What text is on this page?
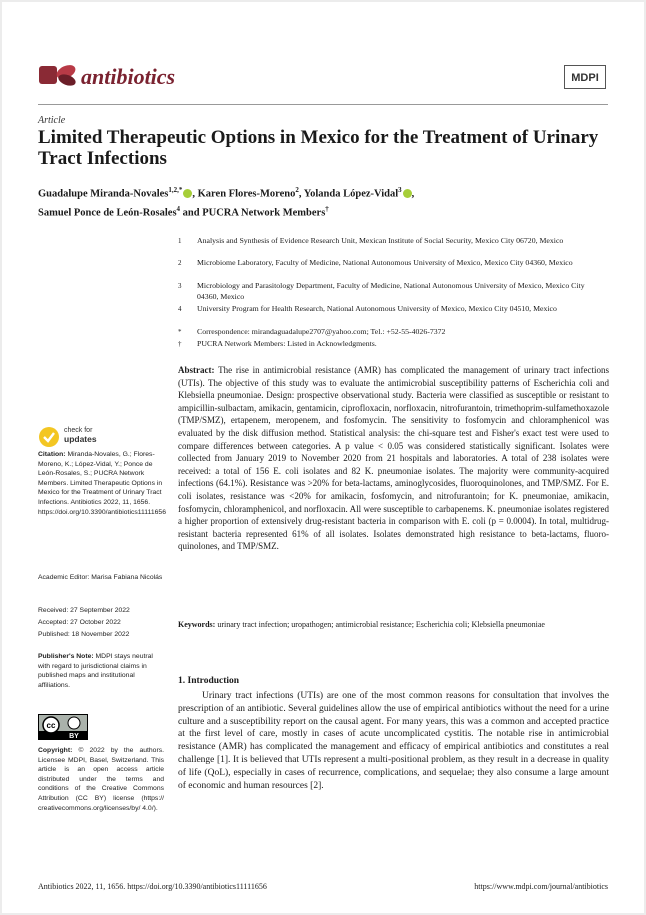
antibiotics	MDPI
Article
Limited Therapeutic Options in Mexico for the Treatment of Urinary Tract Infections
Guadalupe Miranda-Novales$^{1,2,*}$ , Karen Flores-Moreno$^2$, Yolanda López-Vidal$^3$ ,
Samuel Ponce de León-Rosales$^4$ and PUCRA Network Members†
1 Analysis and Synthesis of Evidence Research Unit, Mexican Institute of Social Security, Mexico City 06720, Mexico
2 Microbiome Laboratory, Faculty of Medicine, National Autonomous University of Mexico, Mexico City 04360, Mexico
3 Microbiology and Parasitology Department, Faculty of Medicine, National Autonomous University of Mexico, Mexico City 04360, Mexico
4 University Program for Health Research, National Autonomous University of Mexico, Mexico City 04510, Mexico
* Correspondence: mirandaguadalupe2707@yahoo.com; Tel.: +52-55-4026-7372
† PUCRA Network Members: Listed in Acknowledgments.
Abstract: The rise in antimicrobial resistance (AMR) has complicated the management of urinary tract infections (UTIs). The objective of this study was to evaluate the antimicrobial susceptibility patterns of Escherichia coli and Klebsiella pneumoniae. Design: prospective observational study. Bacteria were classified as susceptible or resistant to ampicillin-sulbactam, amikacin, gentamicin, ciprofloxacin, norfloxacin, nitrofurantoin, trimethoprim-sulfamethoxazole (TMP/SMZ), ertapenem, meropenem, and fosfomycin. The sensitivity to fosfomycin and chloramphenicol was evaluated by the disk diffusion method. Statistical analysis: the chi-square test and Fisher's exact test were used to compare differences between categories. A p value < 0.05 was considered statistically significant. Isolates were collected from January 2019 to November 2020 from 21 hospitals and laboratories. A total of 238 isolates were received: a total of 156 E. coli isolates and 82 K. pneumoniae isolates. The majority were community-acquired infections (64.1%). Resistance was >20% for beta-lactams, aminoglycosides, fluoroquinolones, and TMP/SMZ. For E. coli isolates, resistance was <20% for amikacin, fosfomycin, and nitrofurantoin; for K. pneumoniae, amikacin, fosfomycin, chloramphenicol, and norfloxacin. All were susceptible to carbapenems. K. pneumoniae isolates registered a higher proportion of extensively drug-resistant bacteria in comparison with E. coli (p = 0.0004). In total, multidrug-resistant bacteria represented 61% of all isolates. Isolates demonstrated high resistance to beta-lactams, fluoro-quinolones, and TMP/SMZ.
Keywords: urinary tract infection; uropathogen; antimicrobial resistance; Escherichia coli; Klebsiella pneumoniae
check for
updates
Citation: Miranda-Novales, G.; Flores-Moreno, K.; López-Vidal, Y.; Ponce de León-Rosales, S.; PUCRA Network Members. Limited Therapeutic Options in Mexico for the Treatment of Urinary Tract Infections. Antibiotics 2022, 11, 1656. https://doi.org/10.3390/antibiotics11111656
Academic Editor: Marisa Fabiana Nicolás
Received: 27 September 2022
Accepted: 27 October 2022
Published: 18 November 2022
Publisher's Note: MDPI stays neutral with regard to jurisdictional claims in published maps and institutional affiliations.
cc
BY
Copyright: © 2022 by the authors. Licensee MDPI, Basel, Switzerland. This article is an open access article distributed under the terms and conditions of the Creative Commons Attribution (CC BY) license (https:// creativecommons.org/licenses/by/ 4.0/).
1. Introduction
Urinary tract infections (UTIs) are one of the most common reasons for consultation that involves the prescription of an antibiotic. Several guidelines allow the use of empirical antibiotics without the need for a urine culture and a susceptibility report on the causal agent. For many years, this was a common and accepted practice at the first level of care, mostly in cases of acute uncomplicated cystitis. The notable rise in antimicrobial resistance (AMR) has complicated the management and efficacy of empirical antibiotics and constitutes a real challenge [1]. It is believed that UTIs represent a multi-positional problem, as they result in a decrease in quality of life (QoL), especially in cases of recurrence, complications, and sequelae; they also consume a large amount of economic and human resources [2].
Antibiotics 2022, 11, 1656. https://doi.org/10.3390/antibiotics11111656	https://www.mdpi.com/journal/antibiotics
